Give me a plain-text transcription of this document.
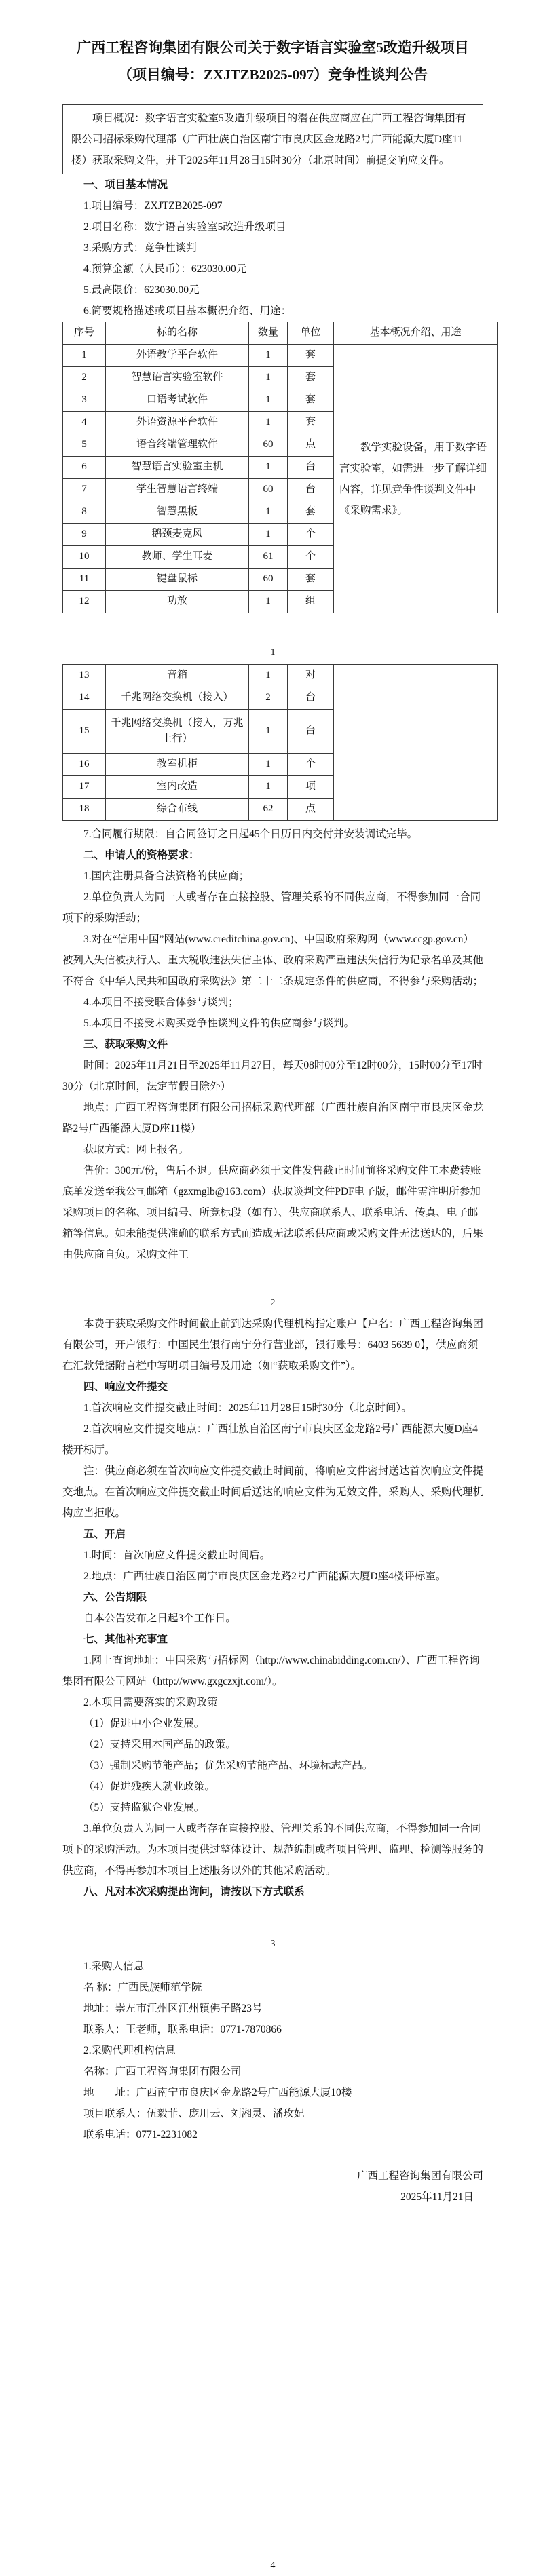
广西工程咨询集团有限公司关于数字语言实验室5改造升级项目
（项目编号：ZXJTZB2025-097）竞争性谈判公告
项目概况：数字语言实验室5改造升级项目的潜在供应商应在广西工程咨询集团有限公司招标采购代理部（广西壮族自治区南宁市良庆区金龙路2号广西能源大厦D座11楼）获取采购文件，并于2025年11月28日15时30分（北京时间）前提交响应文件。

一、项目基本情况

1.项目编号：ZXJTZB2025-097

2.项目名称：数字语言实验室5改造升级项目

3.采购方式：竞争性谈判

4.预算金额（人民币）：623030.00元

5.最高限价：623030.00元

6.简要规格描述或项目基本概况介绍、用途：

序号	标的名称	数量	单位	基本概况介绍、用途
1	外语教学平台软件	1	套	教学实验设备，用于数字语言实验室，如需进一步了解详细内容，详见竞争性谈判文件中《采购需求》。
2	智慧语言实验室软件	1	套	
3	口语考试软件	1	套	
4	外语资源平台软件	1	套	
5	语音终端管理软件	60	点	
6	智慧语言实验室主机	1	台	
7	学生智慧语言终端	60	台	
8	智慧黑板	1	套	
9	鹅颈麦克风	1	个	
10	教师、学生耳麦	61	个	
11	键盘鼠标	60	套	
12	功放	1	组	

1

13	音箱	1	对	
14	千兆网络交换机（接入）	2	台	
15	千兆网络交换机（接入，万兆上行）	1	台	
16	教室机柜	1	个	
17	室内改造	1	项	
18	综合布线	62	点	

7.合同履行期限：自合同签订之日起45个日历日内交付并安装调试完毕。

二、申请人的资格要求：

1.国内注册具备合法资格的供应商；

2.单位负责人为同一人或者存在直接控股、管理关系的不同供应商，不得参加同一合同项下的采购活动；

3.对在“信用中国”网站(www.creditchina.gov.cn)、中国政府采购网（www.ccgp.gov.cn）被列入失信被执行人、重大税收违法失信主体、政府采购严重违法失信行为记录名单及其他不符合《中华人民共和国政府采购法》第二十二条规定条件的供应商，不得参与采购活动；

4.本项目不接受联合体参与谈判；

5.本项目不接受未购买竞争性谈判文件的供应商参与谈判。

三、获取采购文件

时间：2025年11月21日至2025年11月27日，每天08时00分至12时00分，15时00分至17时30分（北京时间，法定节假日除外）

地点：广西工程咨询集团有限公司招标采购代理部（广西壮族自治区南宁市良庆区金龙路2号广西能源大厦D座11楼）

获取方式：网上报名。

售价：300元/份，售后不退。供应商必须于文件发售截止时间前将采购文件工本费转账底单发送至我公司邮箱（gzxmglb@163.com）获取谈判文件PDF电子版，邮件需注明所参加采购项目的名称、项目编号、所竞标段（如有）、供应商联系人、联系电话、传真、电子邮箱等信息。如未能提供准确的联系方式而造成无法联系供应商或采购文件无法送达的，后果由供应商自负。采购文件工

2

本费于获取采购文件时间截止前到达采购代理机构指定账户【户名：广西工程咨询集团有限公司，开户银行：中国民生银行南宁分行营业部，银行账号：6403 5639 0】，供应商须在汇款凭据附言栏中写明项目编号及用途（如“获取采购文件”）。

四、响应文件提交

1.首次响应文件提交截止时间：2025年11月28日15时30分（北京时间）。

2.首次响应文件提交地点：广西壮族自治区南宁市良庆区金龙路2号广西能源大厦D座4楼开标厅。

注：供应商必须在首次响应文件提交截止时间前，将响应文件密封送达首次响应文件提交地点。在首次响应文件提交截止时间后送达的响应文件为无效文件，采购人、采购代理机构应当拒收。

五、开启

1.时间：首次响应文件提交截止时间后。

2.地点：广西壮族自治区南宁市良庆区金龙路2号广西能源大厦D座4楼评标室。

六、公告期限

自本公告发布之日起3个工作日。

七、其他补充事宜

1.网上查询地址：中国采购与招标网（http://www.chinabidding.com.cn/）、广西工程咨询集团有限公司网站（http://www.gxgczxjt.com/）。

2.本项目需要落实的采购政策

（1）促进中小企业发展。

（2）支持采用本国产品的政策。

（3）强制采购节能产品；优先采购节能产品、环境标志产品。

（4）促进残疾人就业政策。

（5）支持监狱企业发展。

3.单位负责人为同一人或者存在直接控股、管理关系的不同供应商，不得参加同一合同项下的采购活动。为本项目提供过整体设计、规范编制或者项目管理、监理、检测等服务的供应商，不得再参加本项目上述服务以外的其他采购活动。

八、凡对本次采购提出询问，请按以下方式联系

3

1.采购人信息

名 称：广西民族师范学院

地址：崇左市江州区江州镇佛子路23号

联系人：王老师，联系电话：0771-7870866

2.采购代理机构信息

名称：广西工程咨询集团有限公司

地　　址：广西南宁市良庆区金龙路2号广西能源大厦10楼

项目联系人：伍毅菲、庞川云、刘湘灵、潘玫妃

联系电话：0771-2231082

广西工程咨询集团有限公司

2025年11月21日

4
